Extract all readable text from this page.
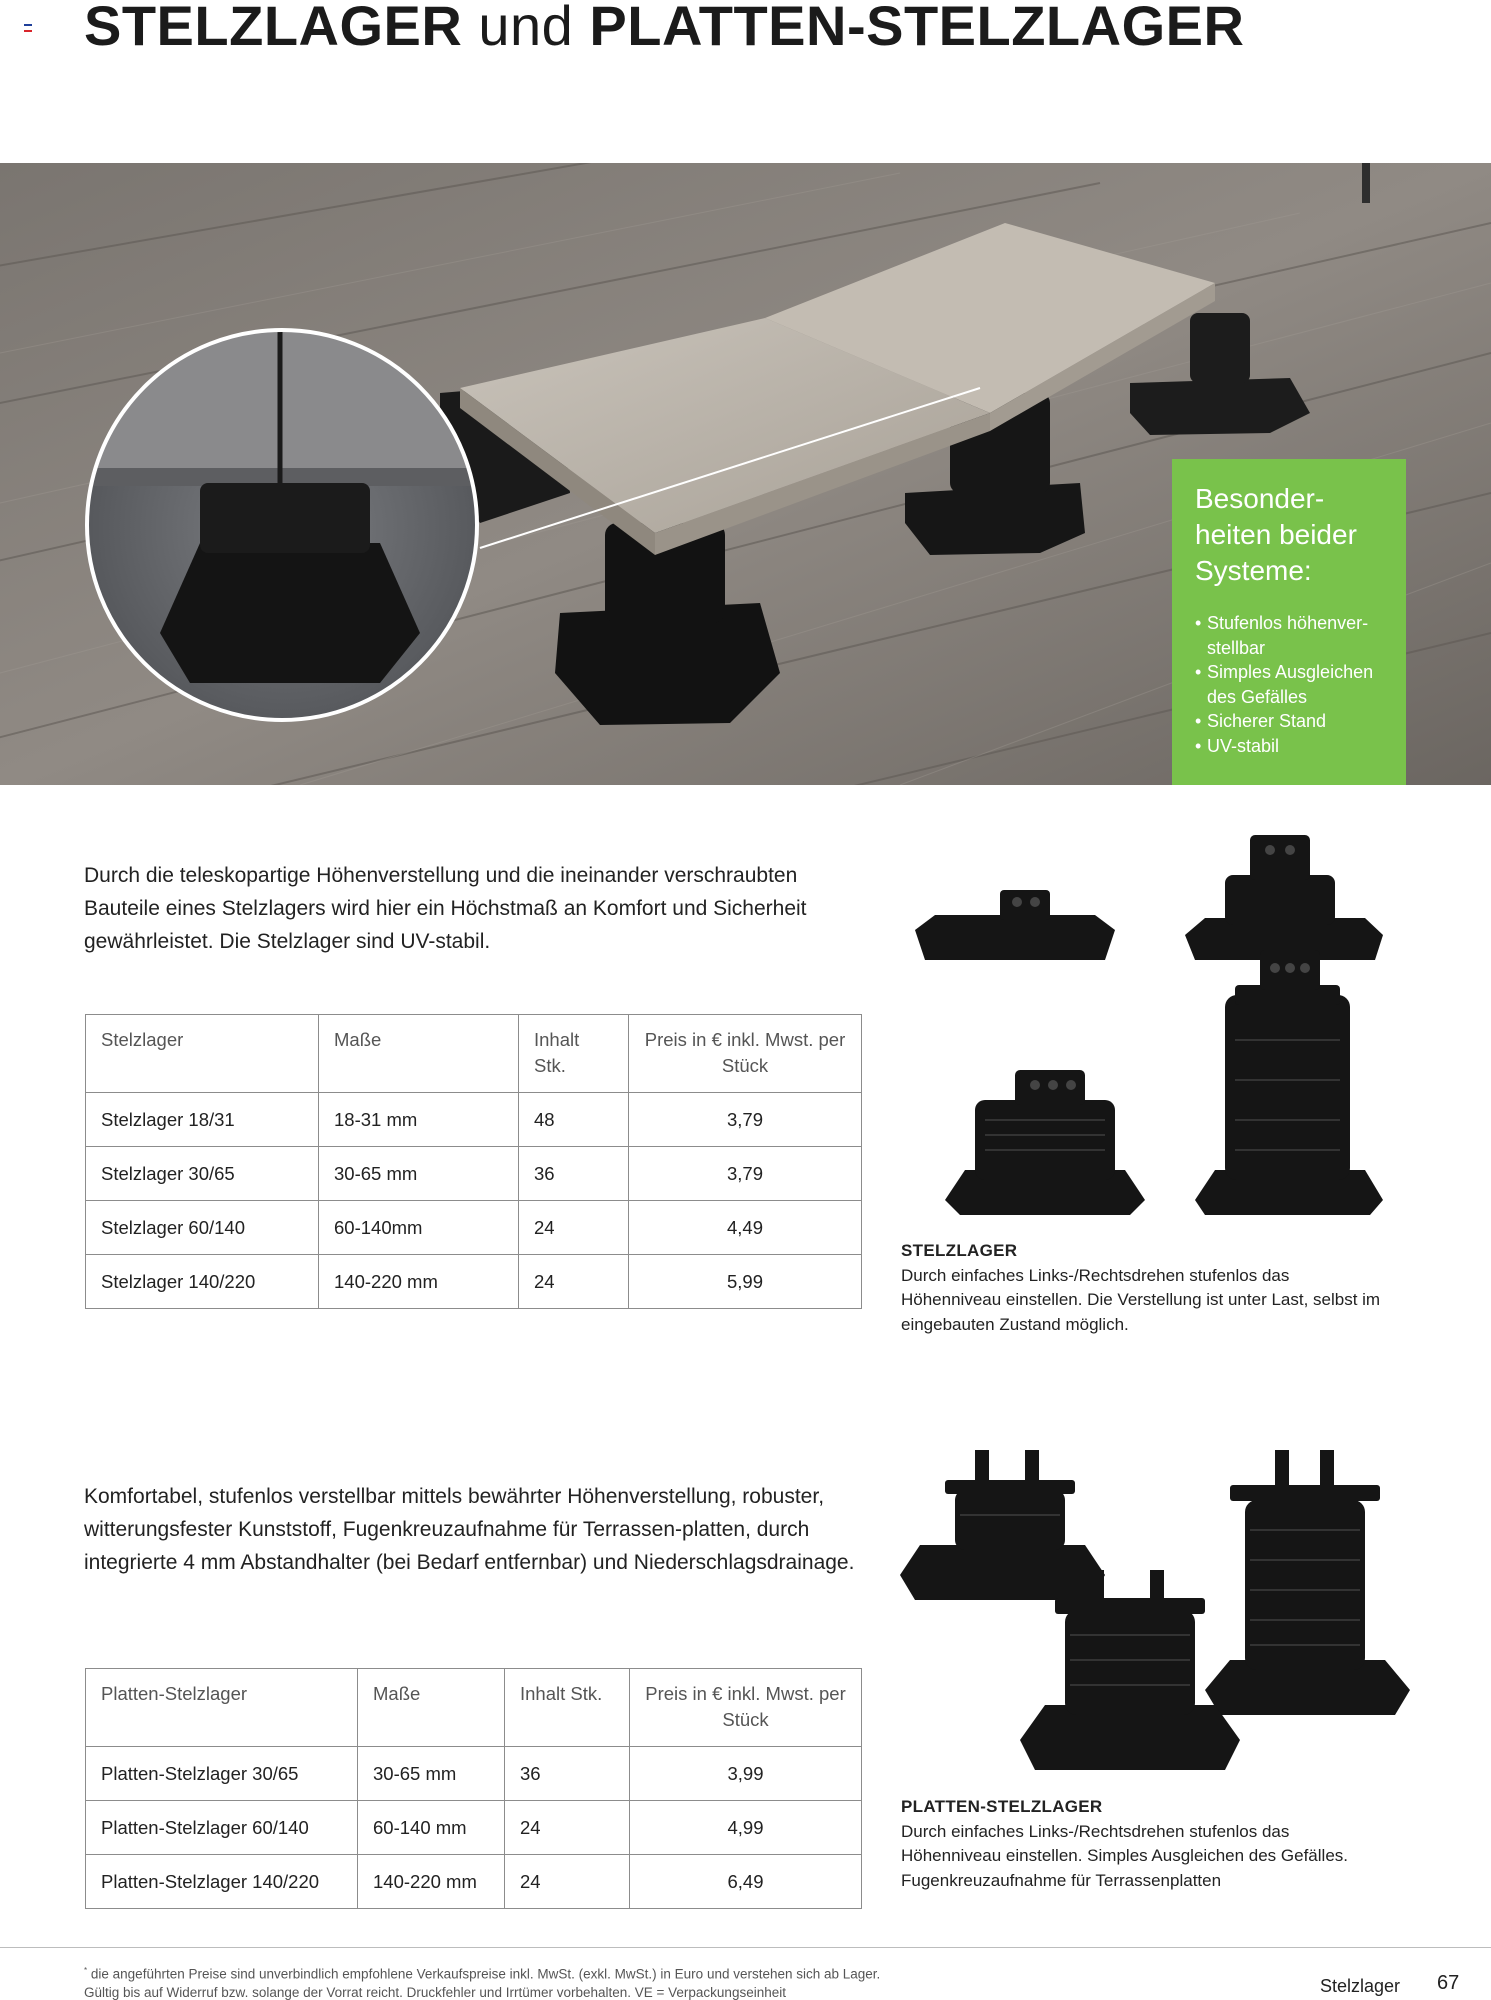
STELZLAGER und PLATTEN-STELZLAGER
Besonder- heiten beider Systeme:
• Stufenlos höhenver- stellbar
• Simples Ausgleichen des Gefälles
• Sicherer Stand
• UV-stabil

Durch die teleskopartige Höhenverstellung und die ineinander verschraubten Bauteile eines Stelzlagers wird hier ein Höchstmaß an Komfort und Sicherheit gewährleistet. Die Stelzlager sind UV-stabil.

Stelzlager	Maße	Inhalt Stk.	Preis in € inkl. Mwst. per Stück
Stelzlager 18/31	18-31 mm	48	3,79
Stelzlager 30/65	30-65 mm	36	3,79
Stelzlager 60/140	60-140mm	24	4,49
Stelzlager 140/220	140-220 mm	24	5,99
STELZLAGER
Durch einfaches Links-/Rechtsdrehen stufenlos das Höhenniveau einstellen. Die Verstellung ist unter Last, selbst im eingebauten Zustand möglich.

Komfortabel, stufenlos verstellbar mittels bewährter Höhenverstellung, robuster, witterungsfester Kunststoff, Fugenkreuzaufnahme für Terrassen-platten, durch integrierte 4 mm Abstandhalter (bei Bedarf entfernbar) und Niederschlagsdrainage.

Platten-Stelzlager	Maße	Inhalt Stk.	Preis in € inkl. Mwst. per Stück
Platten-Stelzlager 30/65	30-65 mm	36	3,99
Platten-Stelzlager 60/140	60-140 mm	24	4,99
Platten-Stelzlager 140/220	140-220 mm	24	6,49
PLATTEN-STELZLAGER
Durch einfaches Links-/Rechtsdrehen stufenlos das Höhenniveau einstellen. Simples Ausgleichen des Gefälles. Fugenkreuzaufnahme für Terrassenplatten
* die angeführten Preise sind unverbindlich empfohlene Verkaufspreise inkl. MwSt. (exkl. MwSt.) in Euro und verstehen sich ab Lager.
Gültig bis auf Widerruf bzw. solange der Vorrat reicht. Druckfehler und Irrtümer vorbehalten. VE = Verpackungseinheit	Stelzlager 67
